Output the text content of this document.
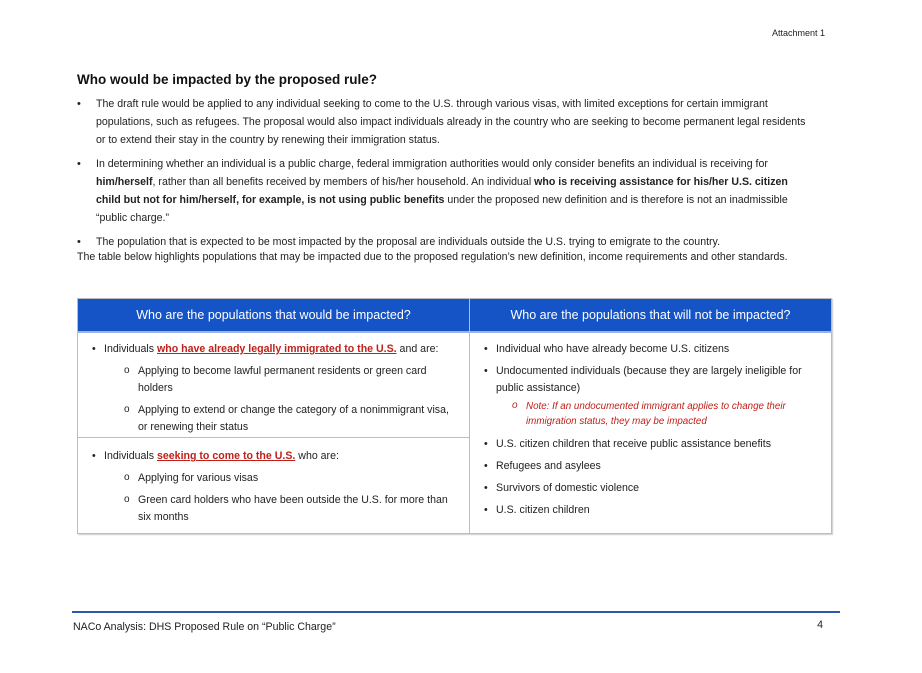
Attachment 1
Who would be impacted by the proposed rule?
• The draft rule would be applied to any individual seeking to come to the U.S. through various visas, with limited exceptions for certain immigrant populations, such as refugees. The proposal would also impact individuals already in the country who are seeking to become permanent legal residents or to extend their stay in the country by renewing their immigration status.
• In determining whether an individual is a public charge, federal immigration authorities would only consider benefits an individual is receiving for him/herself, rather than all benefits received by members of his/her household. An individual who is receiving assistance for his/her U.S. citizen child but not for him/herself, for example, is not using public benefits under the proposed new definition and is therefore is not an inadmissible “public charge.”
• The population that is expected to be most impacted by the proposal are individuals outside the U.S. trying to emigrate to the country.
The table below highlights populations that may be impacted due to the proposed regulation’s new definition, income requirements and other standards.
Who are the populations that would be impacted?
• Individuals who have already legally immigrated to the U.S. and are:
o Applying to become lawful permanent residents or green card holders
o Applying to extend or change the category of a nonimmigrant visa, or renewing their status
• Individuals seeking to come to the U.S. who are:
o Applying for various visas
o Green card holders who have been outside the U.S. for more than six months
Who are the populations that will not be impacted?
• Individual who have already become U.S. citizens
• Undocumented individuals (because they are largely ineligible for public assistance)
o Note: If an undocumented immigrant applies to change their immigration status, they may be impacted
• U.S. citizen children that receive public assistance benefits
• Refugees and asylees
• Survivors of domestic violence
• U.S. citizen children
NACo Analysis: DHS Proposed Rule on “Public Charge”	4
